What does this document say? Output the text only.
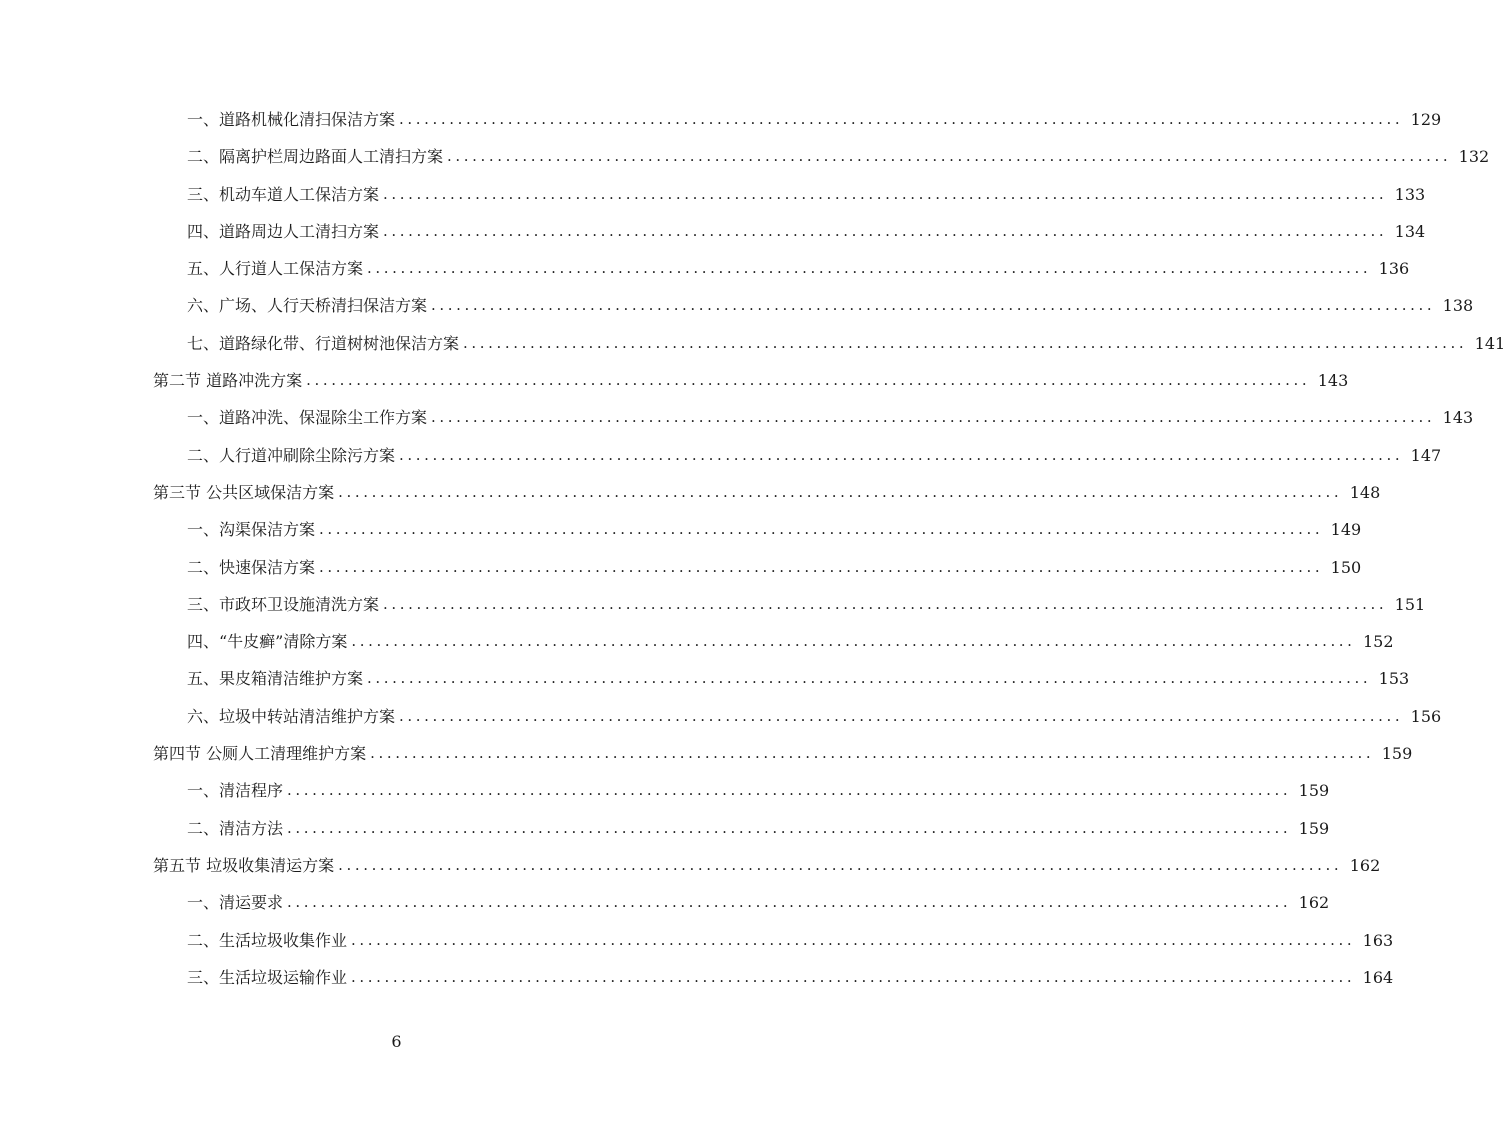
一、道路机械化清扫保洁方案 ........................................................................................................................ 129
二、隔离护栏周边路面人工清扫方案 ........................................................................................................................ 132
三、机动车道人工保洁方案 ........................................................................................................................ 133
四、道路周边人工清扫方案 ........................................................................................................................ 134
五、人行道人工保洁方案 ........................................................................................................................ 136
六、广场、人行天桥清扫保洁方案 ........................................................................................................................ 138
七、道路绿化带、行道树树池保洁方案 ........................................................................................................................ 141
第二节 道路冲洗方案 ........................................................................................................................ 143
一、道路冲洗、保湿除尘工作方案 ........................................................................................................................ 143
二、人行道冲刷除尘除污方案 ........................................................................................................................ 147
第三节 公共区域保洁方案 ........................................................................................................................ 148
一、沟渠保洁方案 ........................................................................................................................ 149
二、快速保洁方案 ........................................................................................................................ 150
三、市政环卫设施清洗方案 ........................................................................................................................ 151
四、“牛皮癣”清除方案 ........................................................................................................................ 152
五、果皮箱清洁维护方案 ........................................................................................................................ 153
六、垃圾中转站清洁维护方案 ........................................................................................................................ 156
第四节 公厕人工清理维护方案 ........................................................................................................................ 159
一、清洁程序 ........................................................................................................................ 159
二、清洁方法 ........................................................................................................................ 159
第五节 垃圾收集清运方案 ........................................................................................................................ 162
一、清运要求 ........................................................................................................................ 162
二、生活垃圾收集作业 ........................................................................................................................ 163
三、生活垃圾运输作业 ........................................................................................................................ 164
6
